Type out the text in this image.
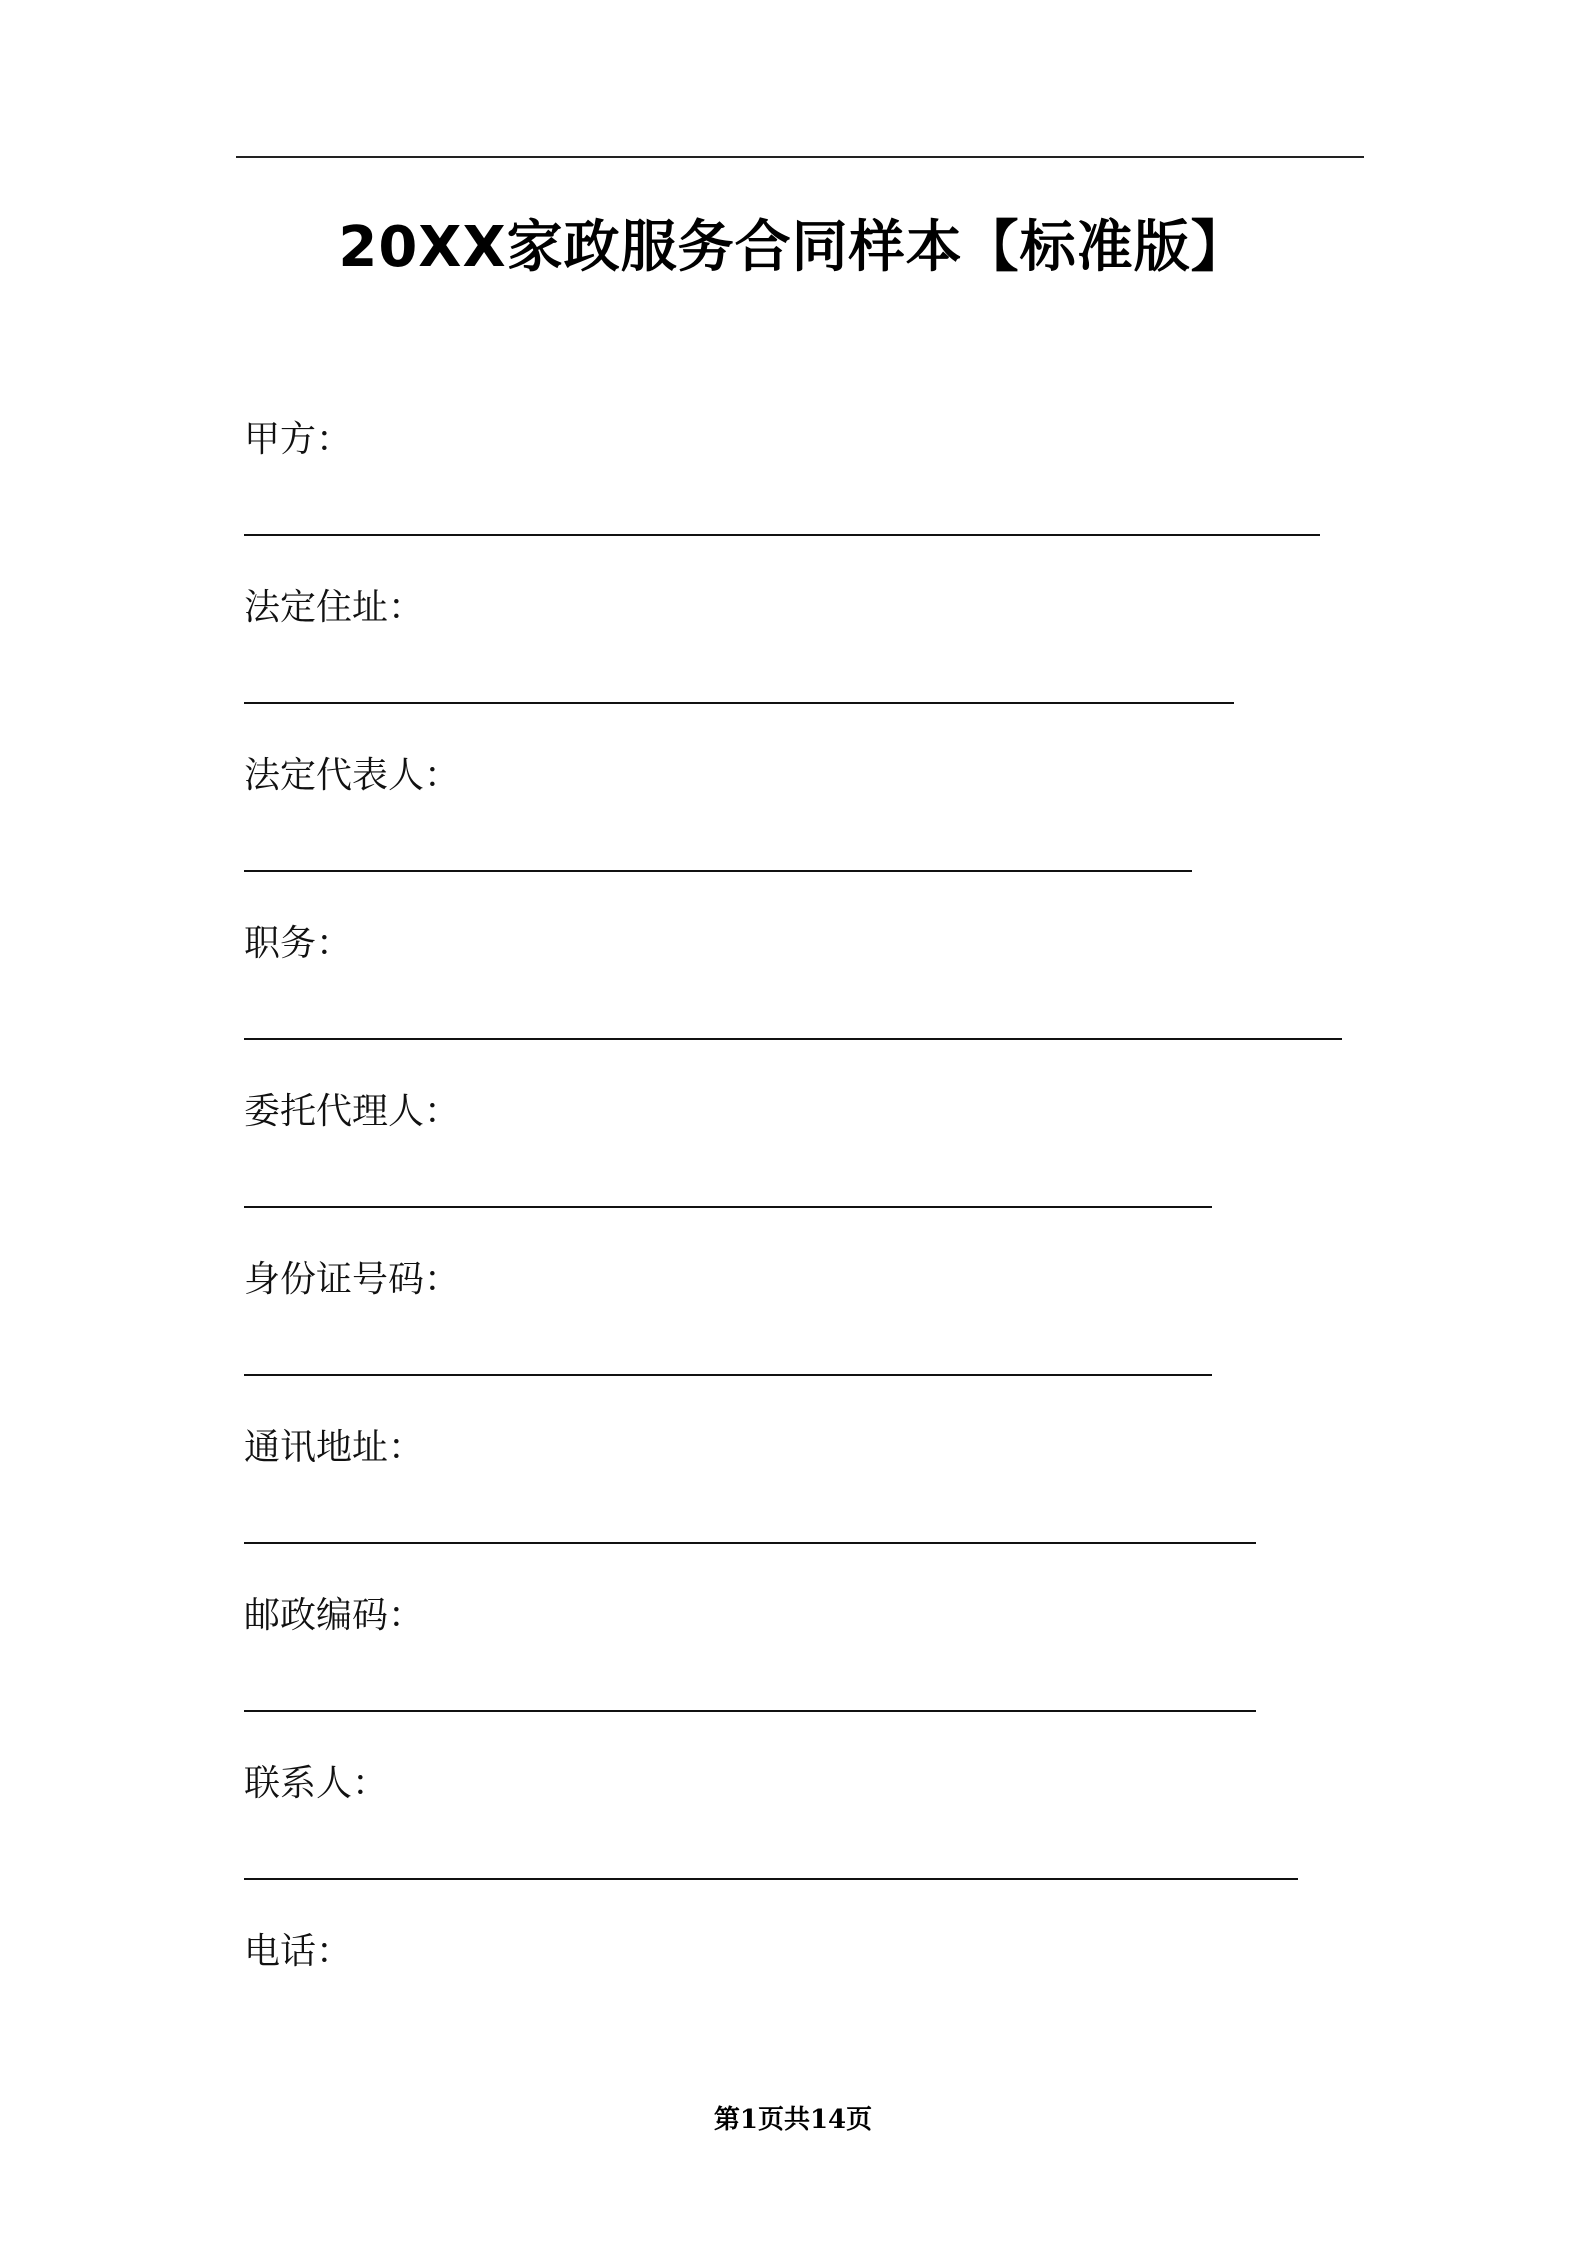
20XX家政服务合同样本【标准版】
甲方：
法定住址：
法定代表人：
职务：
委托代理人：
身份证号码：
通讯地址：
邮政编码：
联系人：
电话：
第1页共14页
